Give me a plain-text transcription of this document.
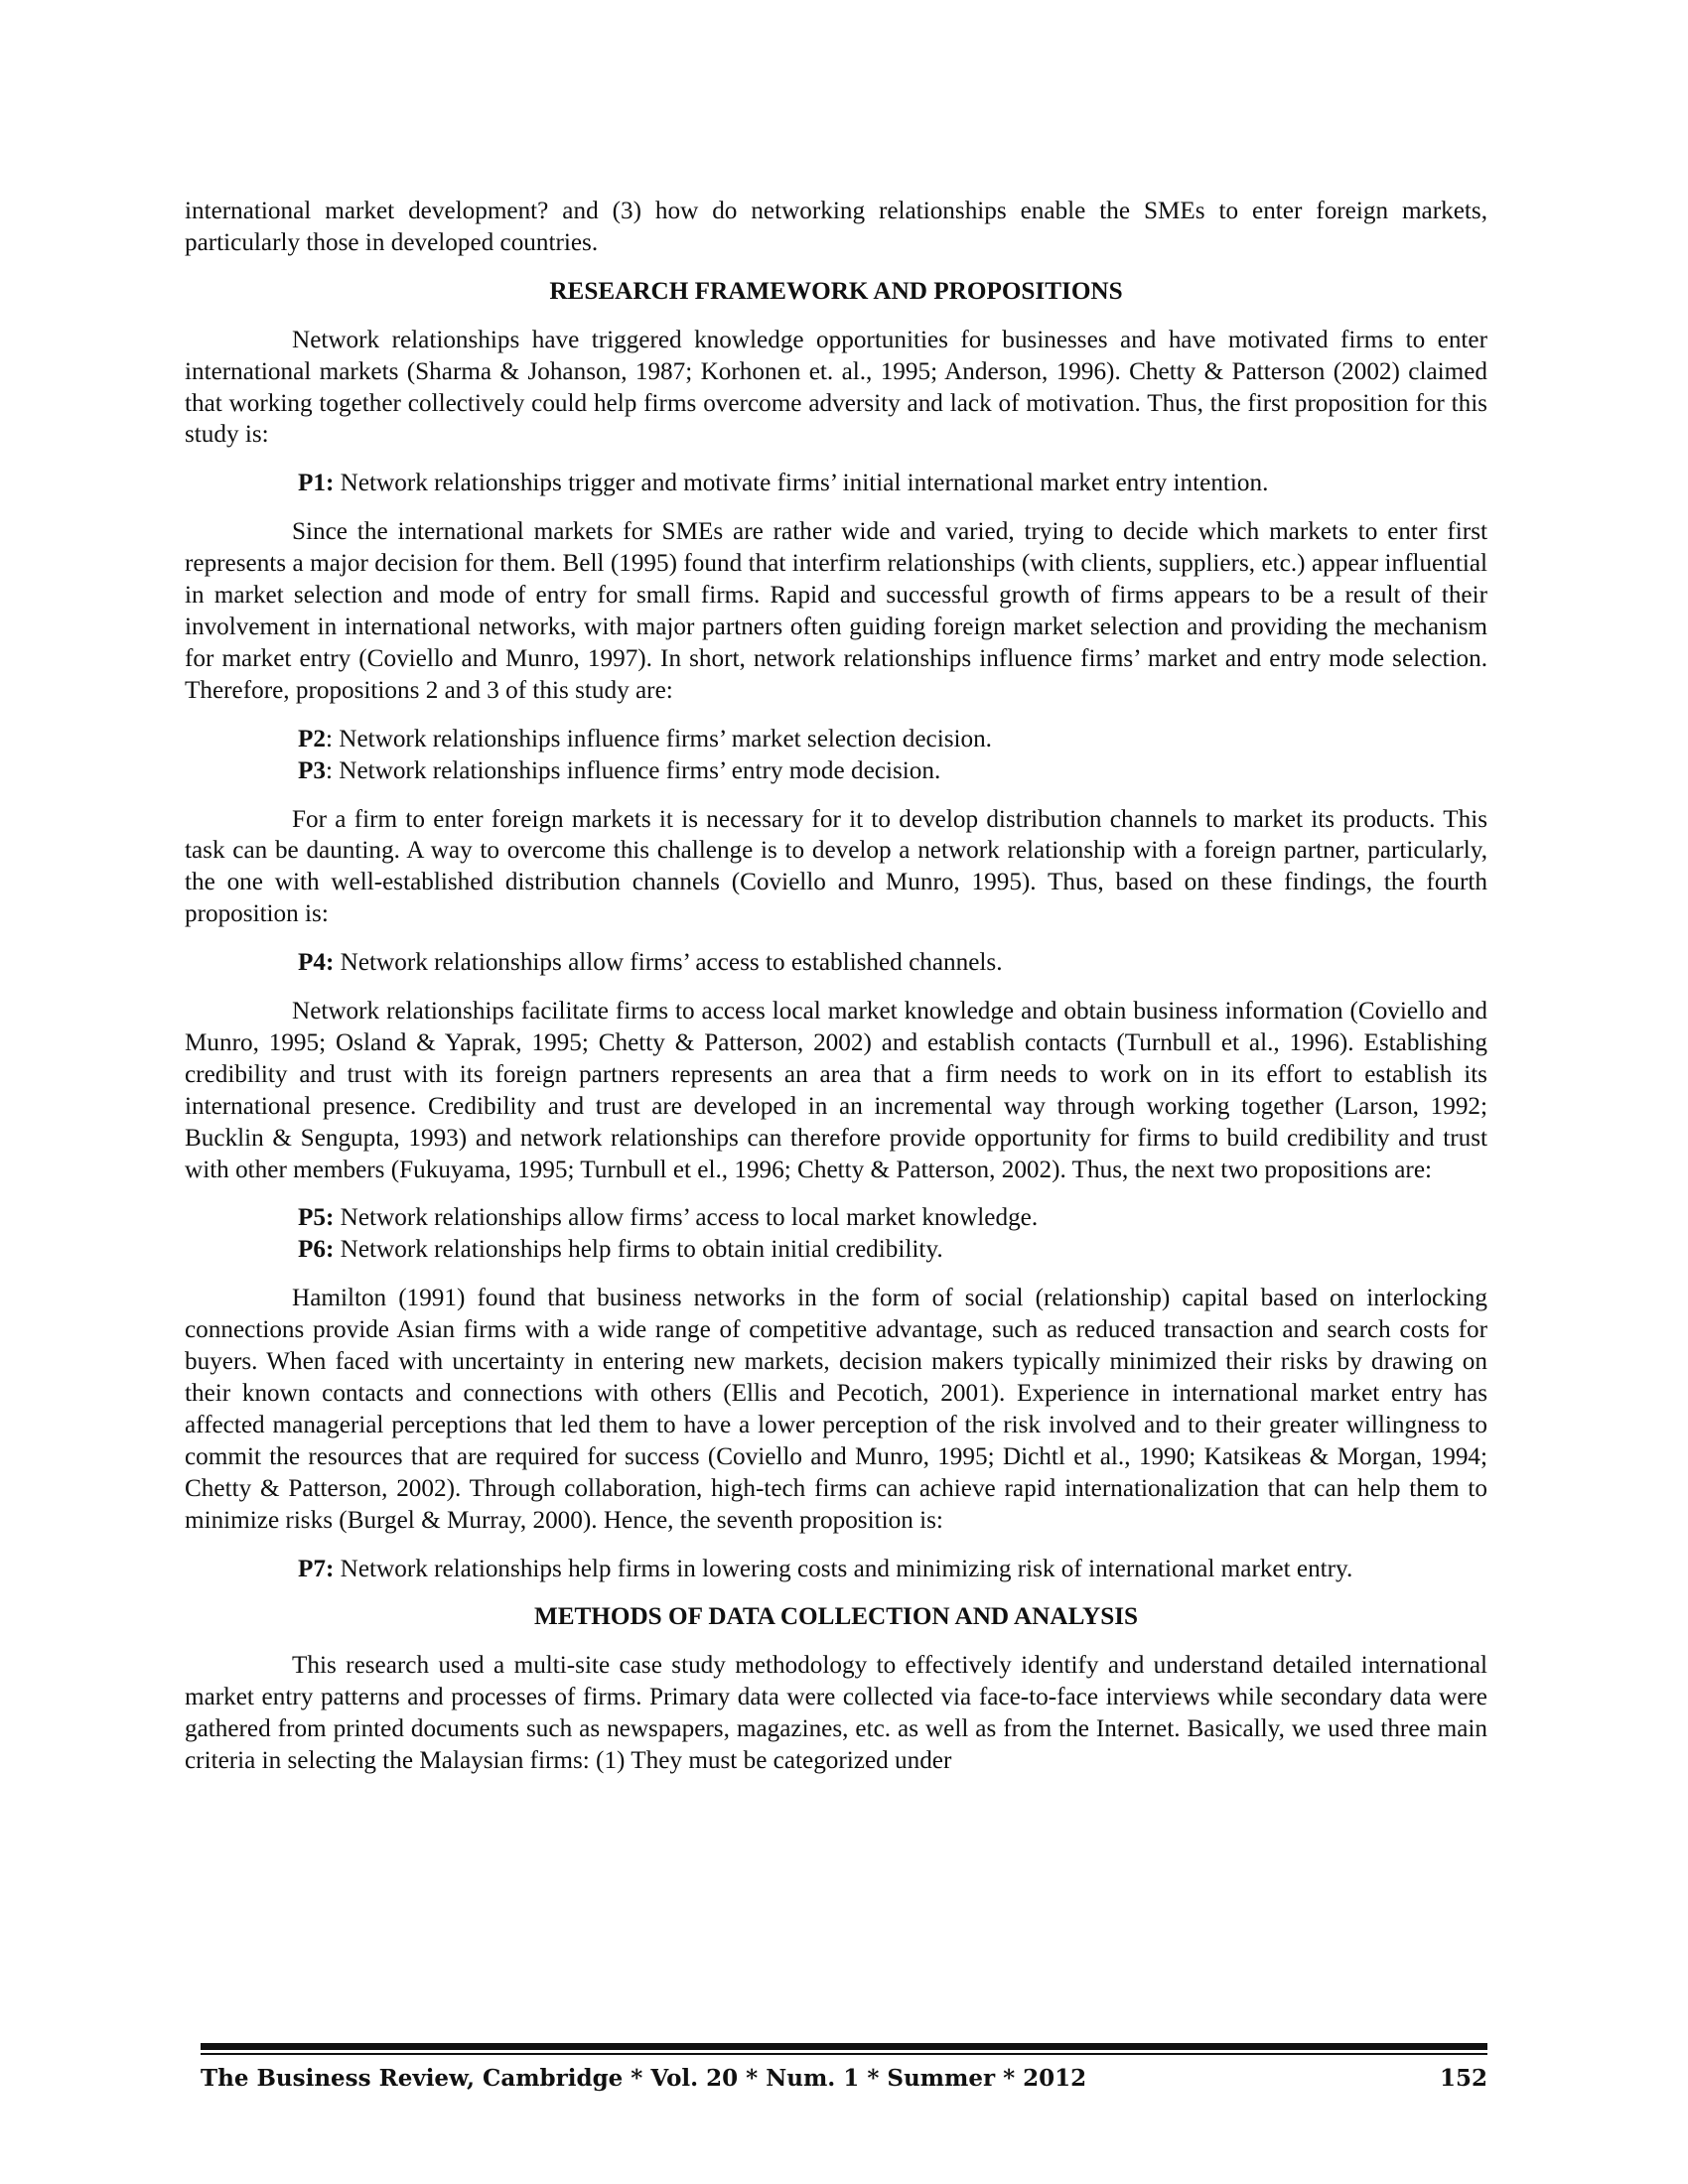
international market development? and (3) how do networking relationships enable the SMEs to enter foreign markets, particularly those in developed countries.

RESEARCH FRAMEWORK AND PROPOSITIONS

Network relationships have triggered knowledge opportunities for businesses and have motivated firms to enter international markets (Sharma & Johanson, 1987; Korhonen et. al., 1995; Anderson, 1996). Chetty & Patterson (2002) claimed that working together collectively could help firms overcome adversity and lack of motivation. Thus, the first proposition for this study is:

P1: Network relationships trigger and motivate firms’ initial international market entry intention.

Since the international markets for SMEs are rather wide and varied, trying to decide which markets to enter first represents a major decision for them. Bell (1995) found that interfirm relationships (with clients, suppliers, etc.) appear influential in market selection and mode of entry for small firms. Rapid and successful growth of firms appears to be a result of their involvement in international networks, with major partners often guiding foreign market selection and providing the mechanism for market entry (Coviello and Munro, 1997). In short, network relationships influence firms’ market and entry mode selection. Therefore, propositions 2 and 3 of this study are:

P2: Network relationships influence firms’ market selection decision.

P3: Network relationships influence firms’ entry mode decision.

For a firm to enter foreign markets it is necessary for it to develop distribution channels to market its products. This task can be daunting. A way to overcome this challenge is to develop a network relationship with a foreign partner, particularly, the one with well-established distribution channels (Coviello and Munro, 1995). Thus, based on these findings, the fourth proposition is:

P4: Network relationships allow firms’ access to established channels.

Network relationships facilitate firms to access local market knowledge and obtain business information (Coviello and Munro, 1995; Osland & Yaprak, 1995; Chetty & Patterson, 2002) and establish contacts (Turnbull et al., 1996). Establishing credibility and trust with its foreign partners represents an area that a firm needs to work on in its effort to establish its international presence. Credibility and trust are developed in an incremental way through working together (Larson, 1992; Bucklin & Sengupta, 1993) and network relationships can therefore provide opportunity for firms to build credibility and trust with other members (Fukuyama, 1995; Turnbull et el., 1996; Chetty & Patterson, 2002). Thus, the next two propositions are:

P5: Network relationships allow firms’ access to local market knowledge.

P6: Network relationships help firms to obtain initial credibility.

Hamilton (1991) found that business networks in the form of social (relationship) capital based on interlocking connections provide Asian firms with a wide range of competitive advantage, such as reduced transaction and search costs for buyers. When faced with uncertainty in entering new markets, decision makers typically minimized their risks by drawing on their known contacts and connections with others (Ellis and Pecotich, 2001). Experience in international market entry has affected managerial perceptions that led them to have a lower perception of the risk involved and to their greater willingness to commit the resources that are required for success (Coviello and Munro, 1995; Dichtl et al., 1990; Katsikeas & Morgan, 1994; Chetty & Patterson, 2002). Through collaboration, high-tech firms can achieve rapid internationalization that can help them to minimize risks (Burgel & Murray, 2000). Hence, the seventh proposition is:

P7: Network relationships help firms in lowering costs and minimizing risk of international market entry.

METHODS OF DATA COLLECTION AND ANALYSIS

This research used a multi-site case study methodology to effectively identify and understand detailed international market entry patterns and processes of firms. Primary data were collected via face-to-face interviews while secondary data were gathered from printed documents such as newspapers, magazines, etc. as well as from the Internet. Basically, we used three main criteria in selecting the Malaysian firms: (1) They must be categorized under

The Business Review, Cambridge * Vol. 20 * Num. 1 * Summer * 2012	152
